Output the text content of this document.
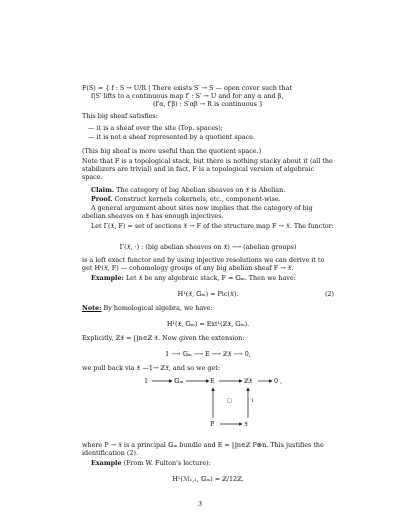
F(S) = { f : S → U/R | There exists S′ → S — open cover such that
f|S′ lifts to a continuous map f′ : S′ → U and for any α and β,
(f′α, f′β) : S′αβ → R is continuous }
This big sheaf satisfies:
— it is a sheaf over the site (Top. spaces);
— it is not a sheaf represented by a quotient space.
(This big sheaf is more useful than the quotient space.)
Note that F is a topological stack, but there is nothing stacky about it (all the stabilizers are trivial) and in fact, F is a topological version of algebraic space.
Claim. The category of big Abelian sheaves on 𝔛 is Abelian.
Proof. Construct kernels cokernels, etc., component-wise.
A general argument about sites now implies that the category of big abelian sheaves on 𝔛 has enough injectives.
Let Γ(𝔛, F) = set of sections 𝔛 → F of the structure map F → 𝔛. The functor:
Γ(𝔛, ·) : (big abelian sheaves on 𝔛) ⟶ (abelian groups)
is a left exact functor and by using injective resolutions we can derive it to get Hⁱ(𝔛, F) — cohomology groups of any big abelian sheaf F → 𝔛.
Example: Let 𝔛 be any algebraic stack, F = 𝔾ₘ. Then we have:
H¹(𝔛, 𝔾ₘ) = Pic(𝔛).	(2)
Note: By homological algebra, we have:
H¹(𝔛, 𝔾ₘ) = Ext¹(ℤ𝔛, 𝔾ₘ).
Explicitly, ℤ𝔛 = ∐n∈ℤ 𝔛. Now given the extension:
1 ⟶ 𝔾ₘ ⟶ E ⟶ ℤ𝔛 ⟶ 0,
we pull back via 𝔛 —1→ ℤ𝔛, and so we get:
1	𝔾ₘ	E	ℤ𝔛	0 ,
□	1
P	𝔛
where P → 𝔛 is a principal 𝔾ₘ bundle and E = ∐n∈ℤ P⊗n. This justifies the identification (2).
Example (From W. Fulton's lecture):
H¹(ℳ₁,₁, 𝔾ₘ) = ℤ/12ℤ.
3
